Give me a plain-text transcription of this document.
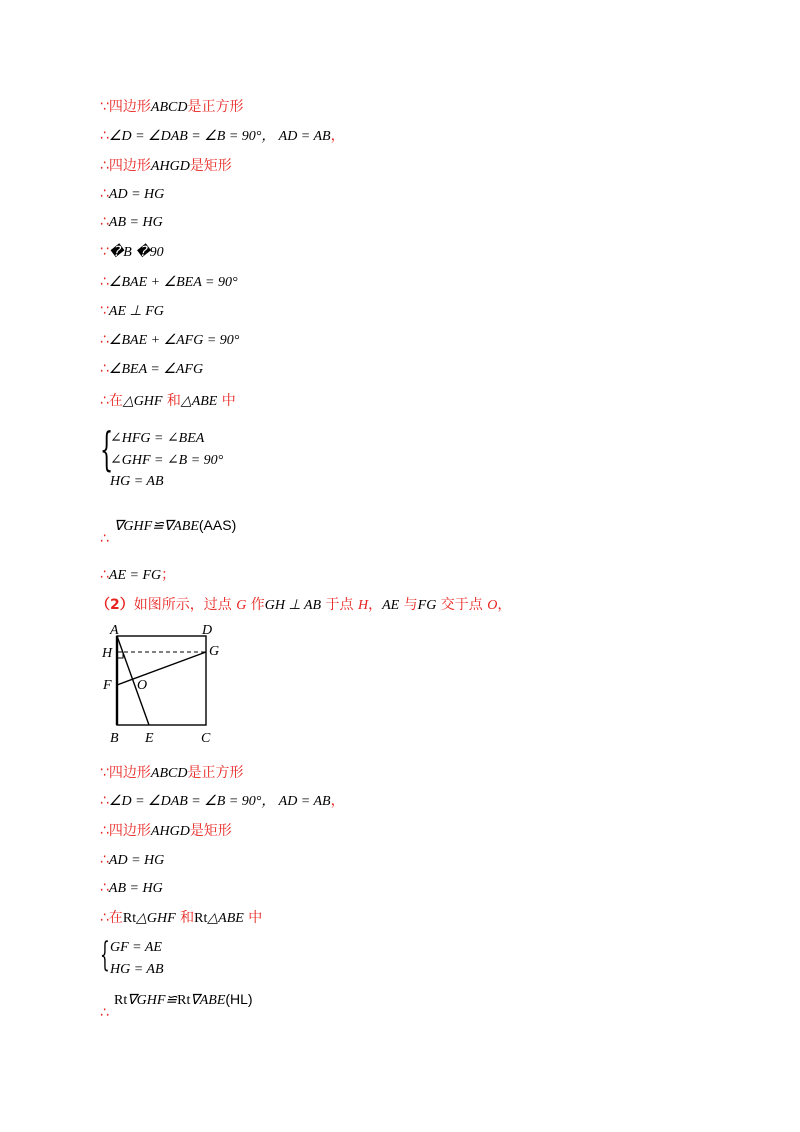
∵四边形ABCD是正方形
∴∠D = ∠DAB = ∠B = 90°， AD = AB，
∴四边形AHGD是矩形
∴AD = HG
∴AB = HG
∵�B �90
∴∠BAE + ∠BEA = 90°
∵AE ⊥ FG
∴∠BAE + ∠AFG = 90°
∴∠BEA = ∠AFG
∴在△GHF 和△ABE 中
{
∠HFG = ∠BEA
∠GHF = ∠B = 90°
HG = AB
∴
∇GHF≌∇ABE(AAS)
∴AE = FG；
（2）如图所示，过点 G 作GH ⊥ AB 于点 H，AE 与FG 交于点 O，
A	D
H	G
F O
B E	C
∵四边形ABCD是正方形
∴∠D = ∠DAB = ∠B = 90°， AD = AB，
∴四边形AHGD是矩形
∴AD = HG
∴AB = HG
∴在Rt△GHF 和Rt△ABE 中
{ GF = AE
HG = AB
∴
Rt∇GHF≌Rt∇ABE(HL)
